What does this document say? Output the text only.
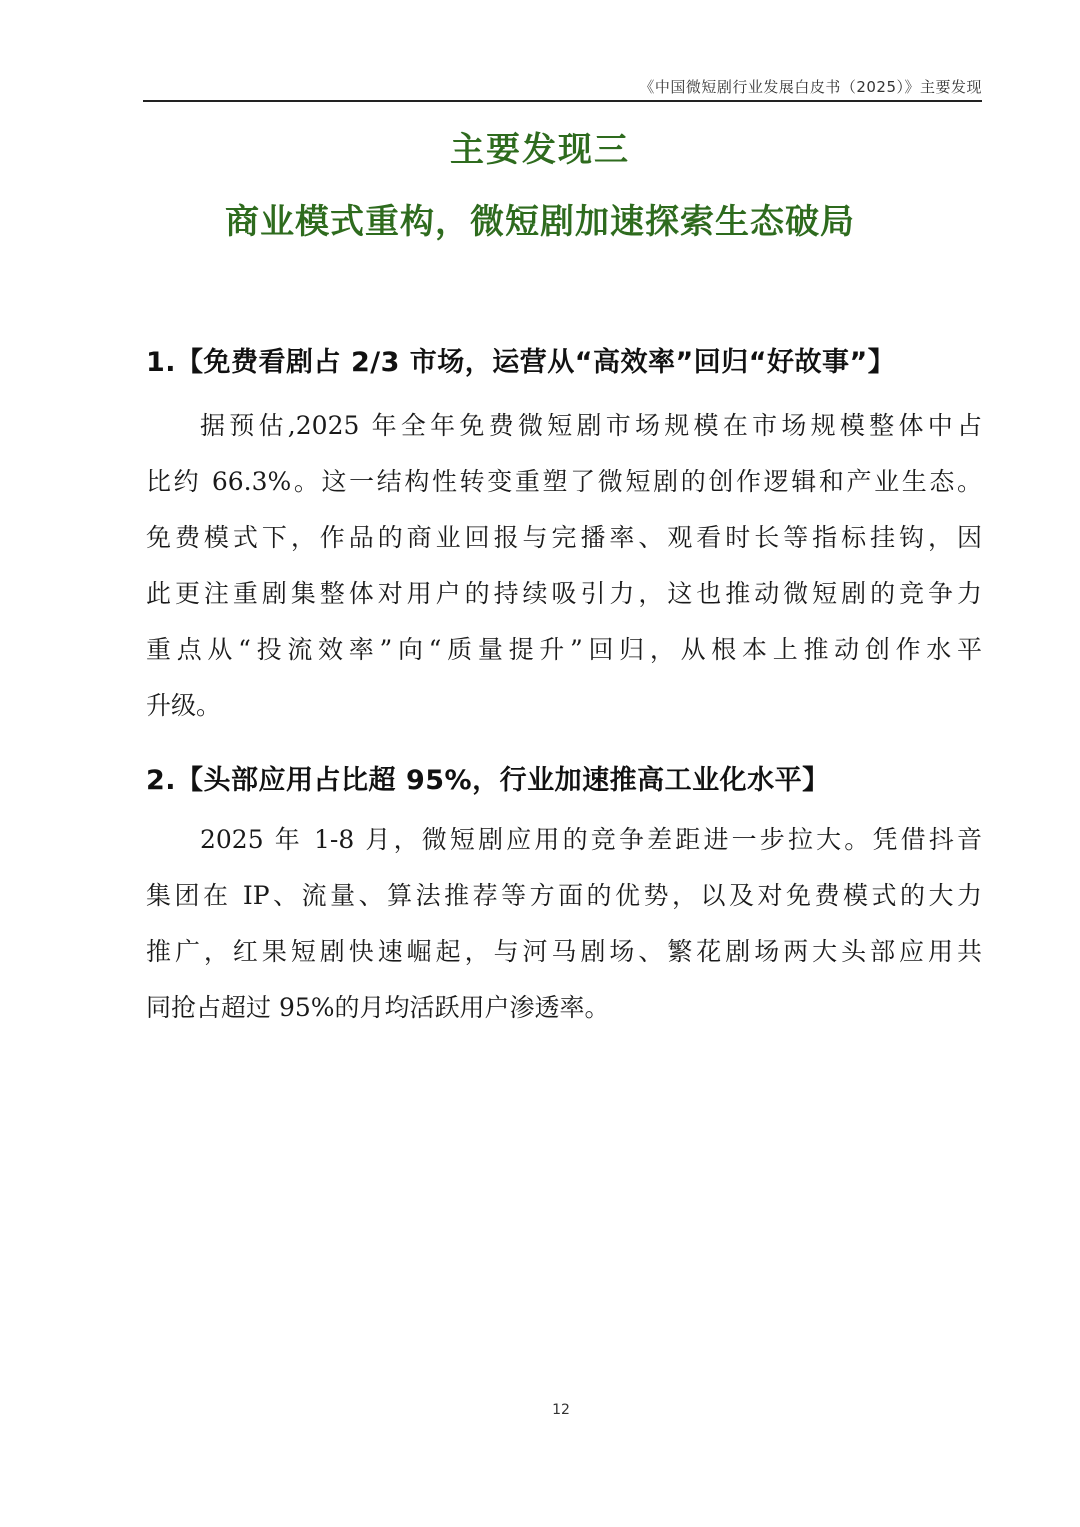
《中国微短剧行业发展白皮书（2025）》主要发现
主要发现三
商业模式重构，微短剧加速探索生态破局
1.【免费看剧占 2/3 市场，运营从“高效率”回归“好故事”】
据预估,2025 年全年免费微短剧市场规模在市场规模整体中占
比约 66.3%。这一结构性转变重塑了微短剧的创作逻辑和产业生态。
免费模式下，作品的商业回报与完播率、观看时长等指标挂钩，因
此更注重剧集整体对用户的持续吸引力，这也推动微短剧的竞争力
重点从“投流效率”向“质量提升”回归，从根本上推动创作水平
升级。
2.【头部应用占比超 95%，行业加速推高工业化水平】
2025 年 1-8 月，微短剧应用的竞争差距进一步拉大。凭借抖音
集团在 IP、流量、算法推荐等方面的优势，以及对免费模式的大力
推广，红果短剧快速崛起，与河马剧场、繁花剧场两大头部应用共
同抢占超过 95%的月均活跃用户渗透率。
12
